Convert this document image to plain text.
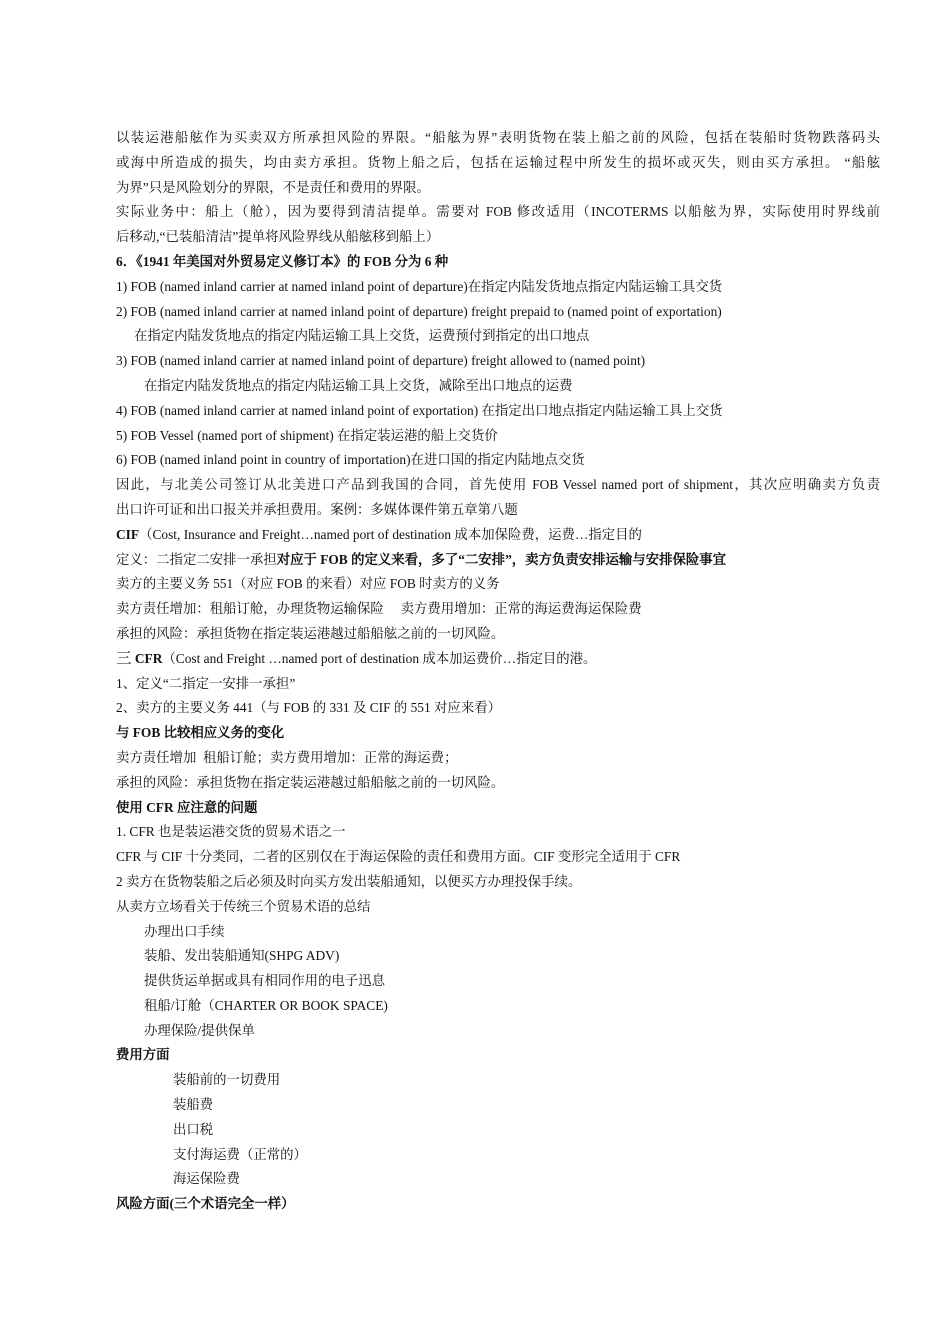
以装运港船舷作为买卖双方所承担风险的界限。“船舷为界”表明货物在装上船之前的风险，包括在装船时货物跌落码头
或海中所造成的损失，均由卖方承担。货物上船之后，包括在运输过程中所发生的损坏或灭失，则由买方承担。 “船舷
为界”只是风险划分的界限，不是责任和费用的界限。
实际业务中：船上（舱），因为要得到清洁提单。需要对 FOB 修改适用（INCOTERMS 以船舷为界，实际使用时界线前
后移动,“已装船清洁”提单将风险界线从船舷移到船上）
6．《1941 年美国对外贸易定义修订本》的 FOB 分为 6 种
1) FOB (named inland carrier at named inland point of departure)在指定内陆发货地点指定内陆运输工具交货
2) FOB (named inland carrier at named inland point of departure) freight prepaid to (named point of exportation)
在指定内陆发货地点的指定内陆运输工具上交货，运费预付到指定的出口地点
3) FOB (named inland carrier at named inland point of departure) freight allowed to (named point)
在指定内陆发货地点的指定内陆运输工具上交货，减除至出口地点的运费
4) FOB (named inland carrier at named inland point of exportation) 在指定出口地点指定内陆运输工具上交货
5) FOB Vessel (named port of shipment) 在指定装运港的船上交货价
6) FOB (named inland point in country of importation)在进口国的指定内陆地点交货
因此，与北美公司签订从北美进口产品到我国的合同，首先使用 FOB Vessel named port of shipment，其次应明确卖方负责
出口许可证和出口报关并承担费用。案例：多媒体课件第五章第八题
CIF（Cost, Insurance and Freight…named port of destination 成本加保险费，运费…指定目的
定义：二指定二安排一承担对应于 FOB 的定义来看，多了“二安排”，卖方负责安排运输与安排保险事宜
卖方的主要义务 551（对应 FOB 的来看）对应 FOB 时卖方的义务
卖方责任增加：租船订舱，办理货物运输保险     卖方费用增加：正常的海运费海运保险费
承担的风险：承担货物在指定装运港越过船船舷之前的一切风险。
三 CFR（Cost and Freight …named port of destination 成本加运费价…指定目的港。
1、定义“二指定一安排一承担”
2、卖方的主要义务 441（与 FOB 的 331 及 CIF 的 551 对应来看）
与 FOB 比较相应义务的变化
卖方责任增加  租船订舱；卖方费用增加：正常的海运费；
承担的风险：承担货物在指定装运港越过船船舷之前的一切风险。
使用 CFR 应注意的问题
1. CFR 也是装运港交货的贸易术语之一
CFR 与 CIF 十分类同，二者的区别仅在于海运保险的责任和费用方面。CIF 变形完全适用于 CFR
2 卖方在货物装船之后必须及时向买方发出装船通知，以便买方办理投保手续。
从卖方立场看关于传统三个贸易术语的总结
办理出口手续
装船、发出装船通知(SHPG ADV)
提供货运单据或具有相同作用的电子迅息
租船/订舱（CHARTER OR BOOK SPACE)
办理保险/提供保单
费用方面
装船前的一切费用
装船费
出口税
支付海运费（正常的）
海运保险费
风险方面(三个术语完全一样）
